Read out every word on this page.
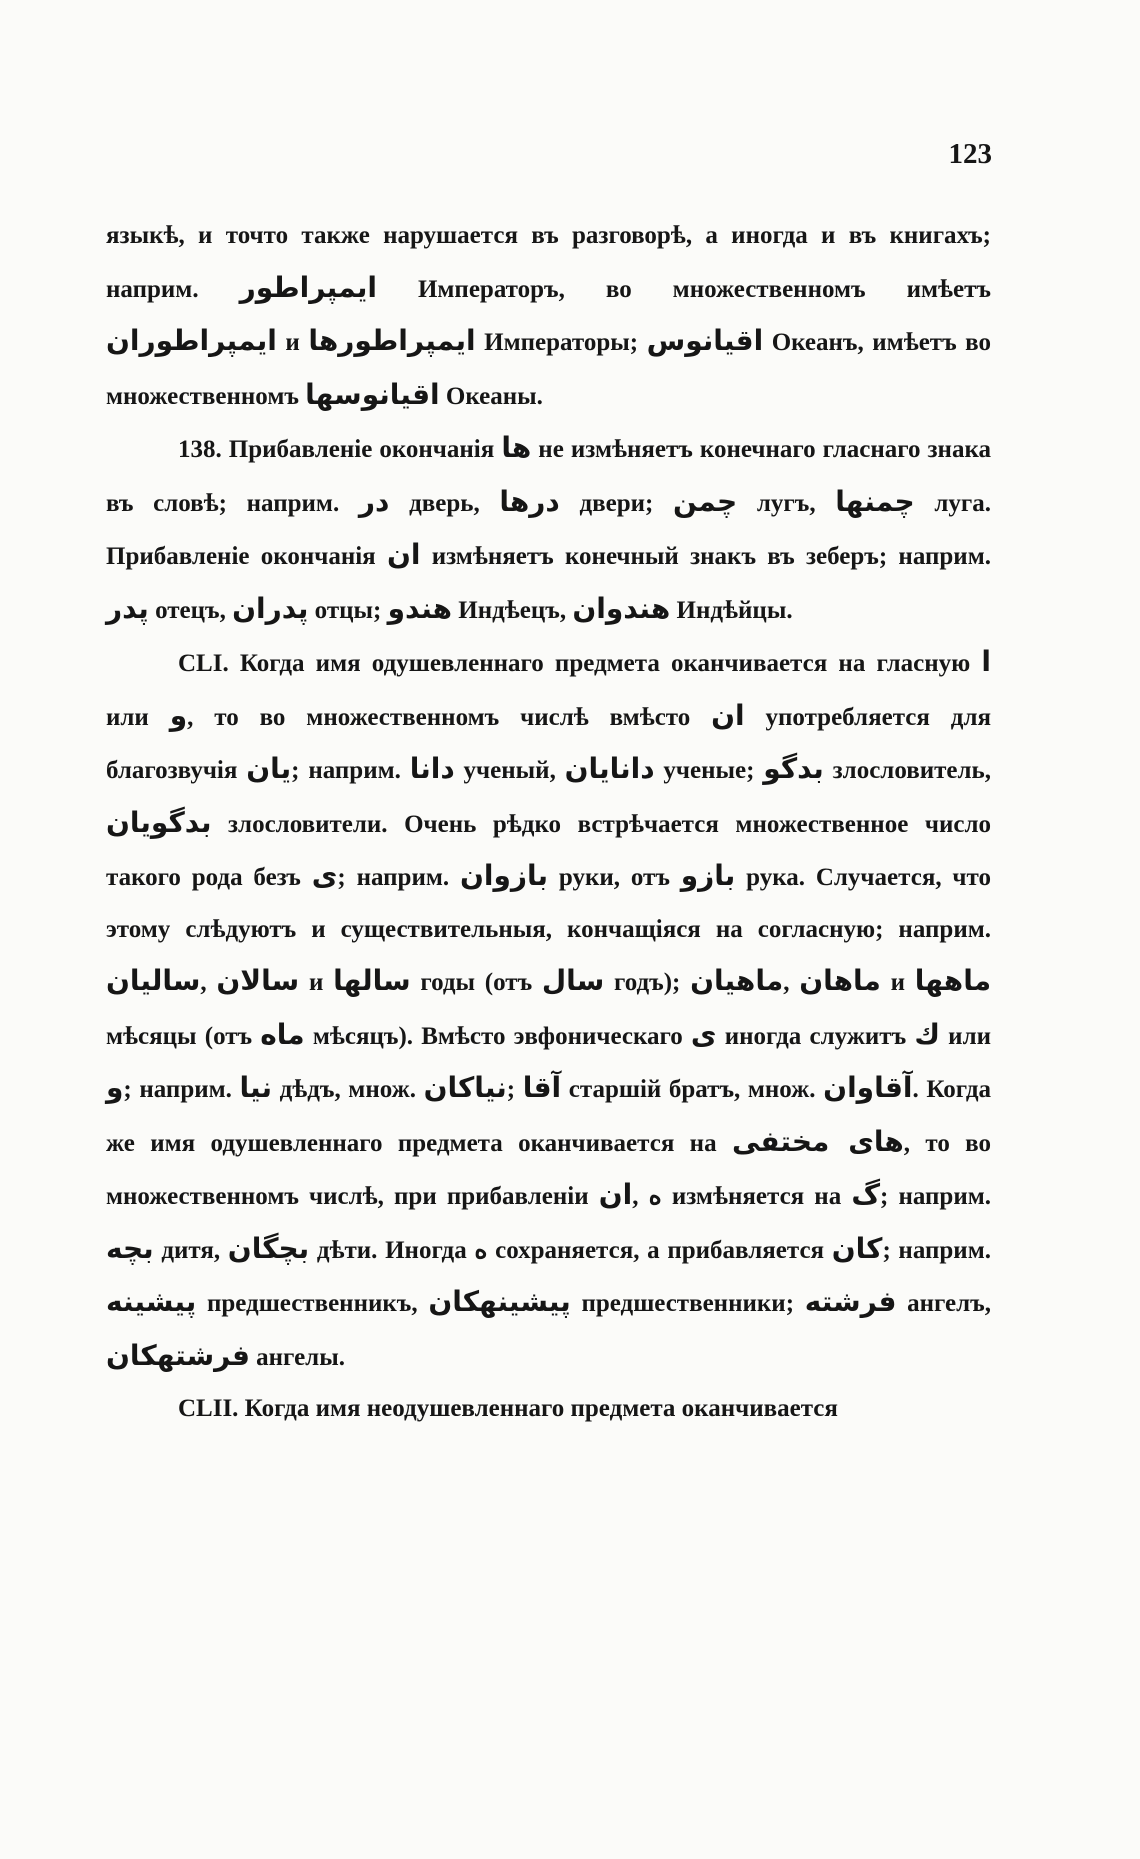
123

языкѣ, и точто также нарушается въ разговорѣ, а иногда и въ книгахъ; наприм. ایمپراطور Императоръ, во множественномъ имѣетъ ایمپراطوران и ایمپراطورها Императоры; اقیانوس Океанъ, имѣетъ во множественномъ اقیانوسها Океаны.

138. Прибавленіе окончанія ها не измѣняетъ конечнаго гласнаго знака въ словѣ; наприм. در дверь, درها двери; چمن лугъ, چمنها луга. Прибавленіе окончанія ان измѣняетъ конечный знакъ въ зеберъ; наприм. پدر отецъ, پدران отцы; هندو Индѣецъ, هندوان Индѣйцы.

CLI. Когда имя одушевленнаго предмета оканчивается на гласную ا или و, то во множественномъ числѣ вмѣсто ان употребляется для благозвучія یان; наприм. دانا ученый, دانایان ученые; بدگو злословитель, بدگویان злословители. Очень рѣдко встрѣчается множественное число такого рода безъ ی; наприм. بازوان руки, отъ بازو рука. Случается, что этому слѣдуютъ и существительныя, кончащіяся на согласную; наприм. سالیان, سالان и سالها годы (отъ سال годъ); ماهیان, ماهان и ماهها мѣсяцы (отъ ماه мѣсяцъ). Вмѣсто эвфоническаго ی иногда служитъ ك или و; наприм. نیا дѣдъ, множ. نیاکان; آقا старшій братъ, множ. آقاوان. Когда же имя одушевленнаго предмета оканчивается на های مختفی, то во множественномъ числѣ, при прибавленіи ان, ه измѣняется на گ; наприм. بچه дитя, بچگان дѣти. Иногда ه сохраняется, а прибавляется کان; наприм. پیشینه предшественникъ, پیشینهکان предшественники; فرشته ангелъ, فرشتهکان ангелы.

CLII. Когда имя неодушевленнаго предмета оканчивается
